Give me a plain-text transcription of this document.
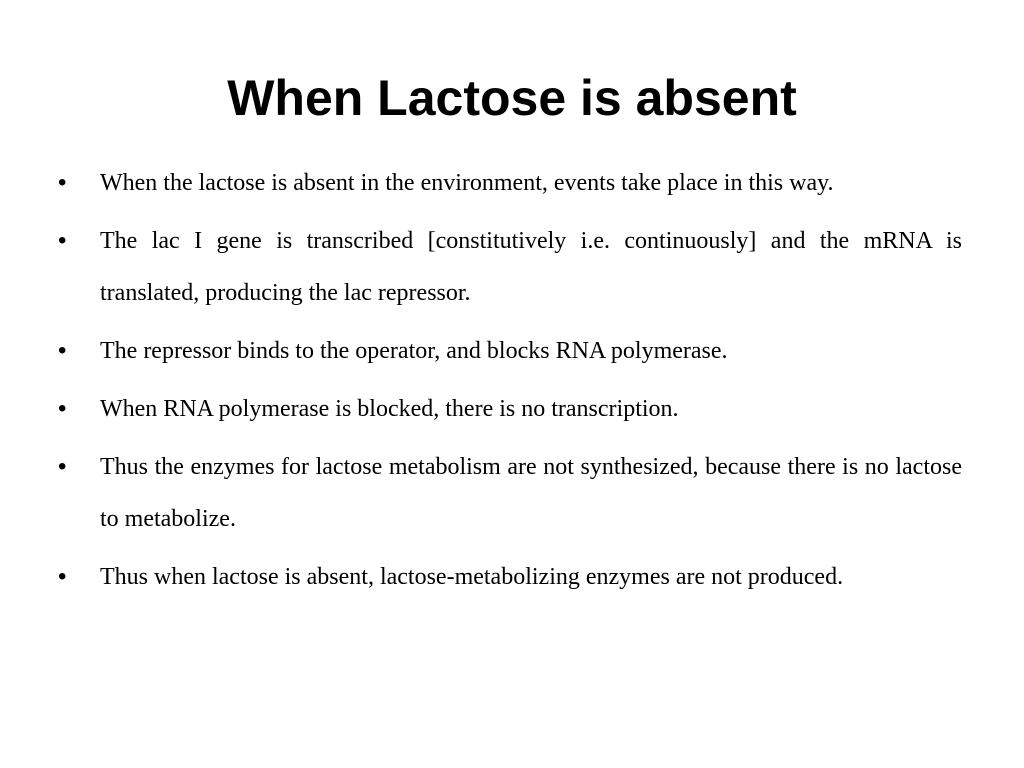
When Lactose is absent
•	When the lactose is absent in the environment, events take place in this way.
•	The lac I gene is transcribed [constitutively i.e. continuously] and the mRNA is translated, producing the lac repressor.
•	The repressor binds to the operator, and blocks RNA polymerase.
•	When RNA polymerase is blocked, there is no transcription.
•	Thus the enzymes for lactose metabolism are not synthesized, because there is no lactose to metabolize.
•	Thus when lactose is absent, lactose-metabolizing enzymes are not produced.
